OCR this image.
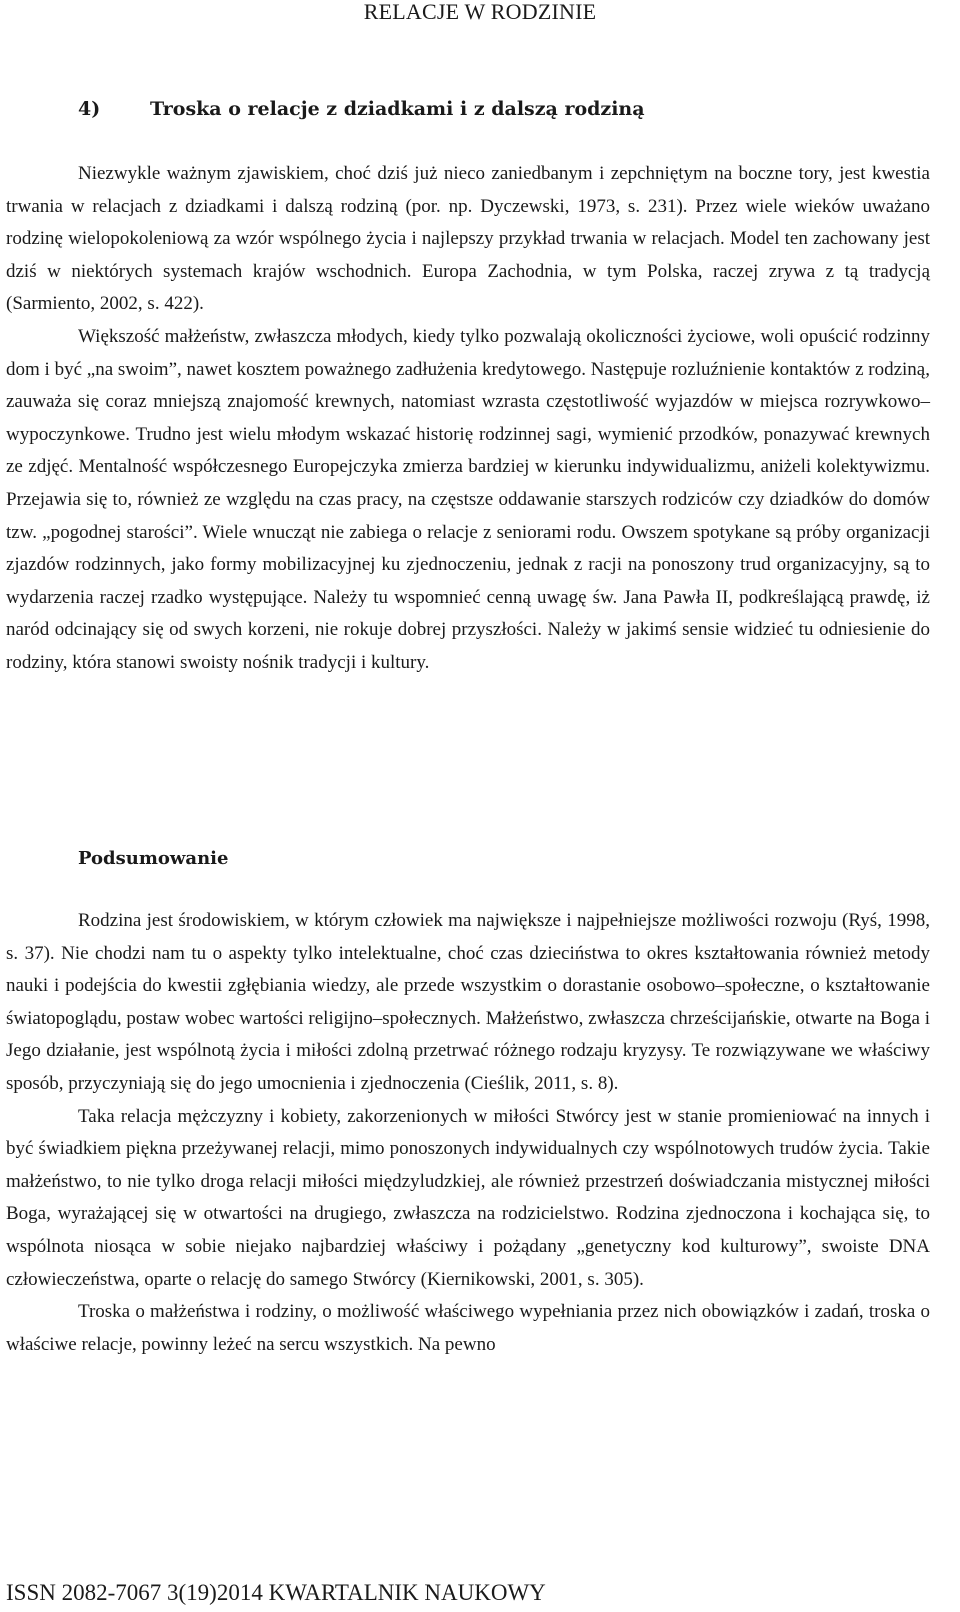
RELACJE W RODZINIE
4)	Troska o relacje z dziadkami i z dalszą rodziną

Niezwykle ważnym zjawiskiem, choć dziś już nieco zaniedbanym i zepchniętym na boczne tory, jest kwestia trwania w relacjach z dziadkami i dalszą rodziną (por. np. Dyczewski, 1973, s. 231). Przez wiele wieków uważano rodzinę wielopokoleniową za wzór wspólnego życia i najlepszy przykład trwania w relacjach. Model ten zachowany jest dziś w niektórych systemach krajów wschodnich. Europa Zachodnia, w tym Polska, raczej zrywa z tą tradycją (Sarmiento, 2002, s. 422).

Większość małżeństw, zwłaszcza młodych, kiedy tylko pozwalają okoliczności życiowe, woli opuścić rodzinny dom i być „na swoim”, nawet kosztem poważnego zadłużenia kredytowego. Następuje rozluźnienie kontaktów z rodziną, zauważa się coraz mniejszą znajomość krewnych, natomiast wzrasta częstotliwość wyjazdów w miejsca rozrywkowo–wypoczynkowe. Trudno jest wielu młodym wskazać historię rodzinnej sagi, wymienić przodków, ponazywać krewnych ze zdjęć. Mentalność współczesnego Europejczyka zmierza bardziej w kierunku indywidualizmu, aniżeli kolektywizmu. Przejawia się to, również ze względu na czas pracy, na częstsze oddawanie starszych rodziców czy dziadków do domów tzw. „pogodnej starości”. Wiele wnucząt nie zabiega o relacje z seniorami rodu. Owszem spotykane są próby organizacji zjazdów rodzinnych, jako formy mobilizacyjnej ku zjednoczeniu, jednak z racji na ponoszony trud organizacyjny, są to wydarzenia raczej rzadko występujące. Należy tu wspomnieć cenną uwagę św. Jana Pawła II, podkreślającą prawdę, iż naród odcinający się od swych korzeni, nie rokuje dobrej przyszłości. Należy w jakimś sensie widzieć tu odniesienie do rodziny, która stanowi swoisty nośnik tradycji i kultury.

Podsumowanie

Rodzina jest środowiskiem, w którym człowiek ma największe i najpełniejsze możliwości rozwoju (Ryś, 1998, s. 37). Nie chodzi nam tu o aspekty tylko intelektualne, choć czas dzieciństwa to okres kształtowania również metody nauki i podejścia do kwestii zgłębiania wiedzy, ale przede wszystkim o dorastanie osobowo–społeczne, o kształtowanie światopoglądu, postaw wobec wartości religijno–społecznych. Małżeństwo, zwłaszcza chrześcijańskie, otwarte na Boga i Jego działanie, jest wspólnotą życia i miłości zdolną przetrwać różnego rodzaju kryzysy. Te rozwiązywane we właściwy sposób, przyczyniają się do jego umocnienia i zjednoczenia (Cieślik, 2011, s. 8).

Taka relacja mężczyzny i kobiety, zakorzenionych w miłości Stwórcy jest w stanie promieniować na innych i być świadkiem piękna przeżywanej relacji, mimo ponoszonych indywidualnych czy wspólnotowych trudów życia. Takie małżeństwo, to nie tylko droga relacji miłości międzyludzkiej, ale również przestrzeń doświadczania mistycznej miłości Boga, wyrażającej się w otwartości na drugiego, zwłaszcza na rodzicielstwo. Rodzina zjednoczona i kochająca się, to wspólnota niosąca w sobie niejako najbardziej właściwy i pożądany „genetyczny kod kulturowy”, swoiste DNA człowieczeństwa, oparte o relację do samego Stwórcy (Kiernikowski, 2001, s. 305).

Troska o małżeństwa i rodziny, o możliwość właściwego wypełniania przez nich obowiązków i zadań, troska o właściwe relacje, powinny leżeć na sercu wszystkich. Na pewno

ISSN 2082-7067 3(19)2014 KWARTALNIK NAUKOWY
